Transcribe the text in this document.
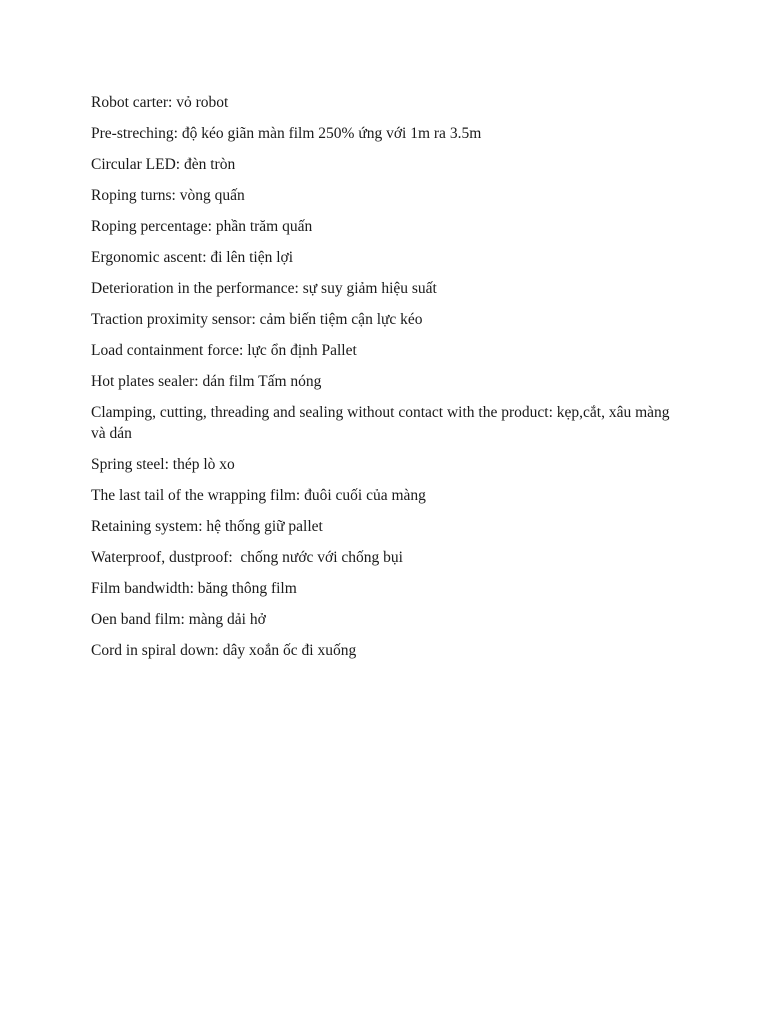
Robot carter: vỏ robot

Pre-streching: độ kéo giãn màn film 250% ứng với 1m ra 3.5m

Circular LED: đèn tròn

Roping turns: vòng quấn

Roping percentage: phần trăm quấn

Ergonomic ascent: đi lên tiện lợi

Deterioration in the performance: sự suy giảm hiệu suất

Traction proximity sensor: cảm biến tiệm cận lực kéo

Load containment force: lực ổn định Pallet

Hot plates sealer: dán film Tấm nóng

Clamping, cutting, threading and sealing without contact with the product: kẹp,cắt, xâu màng và dán

Spring steel: thép lò xo

The last tail of the wrapping film: đuôi cuối của màng

Retaining system: hệ thống giữ pallet

Waterproof, dustproof:  chống nước với chống bụi

Film bandwidth: băng thông film

Oen band film: màng dải hở

Cord in spiral down: dây xoắn ốc đi xuống
